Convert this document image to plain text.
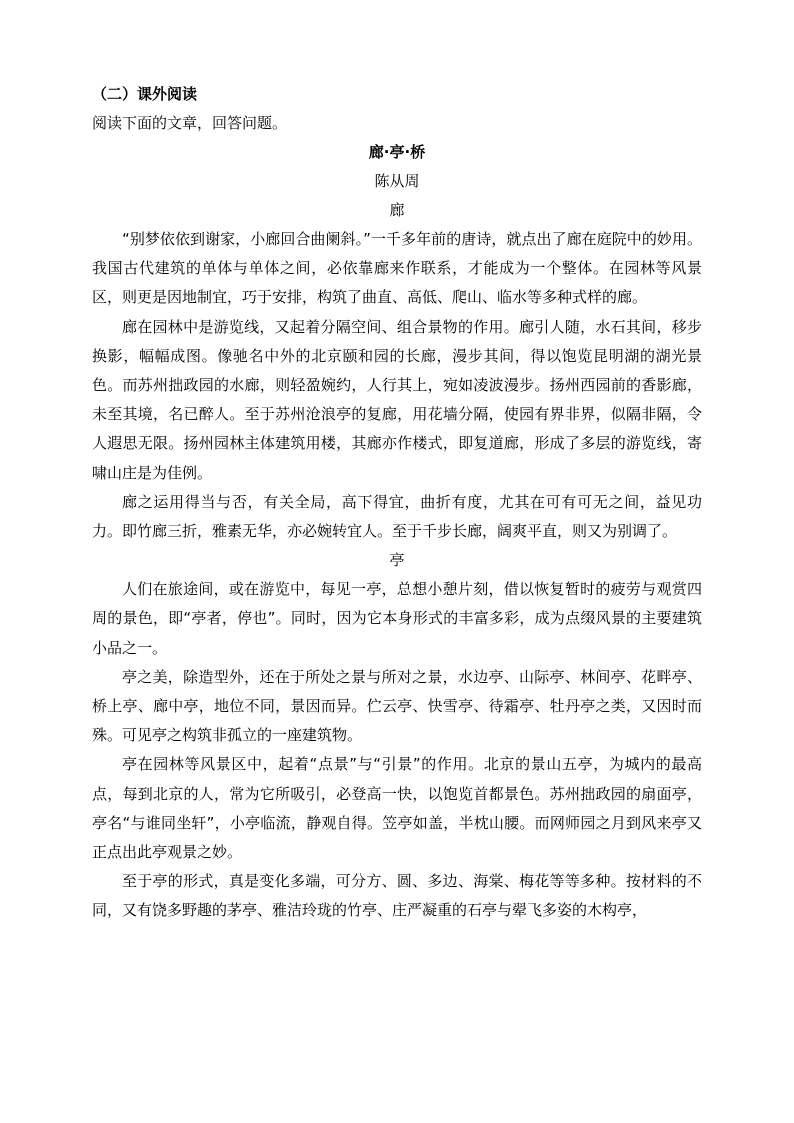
（二）课外阅读
阅读下面的文章，回答问题。
廊·亭·桥
陈从周
廊

“别梦依依到谢家，小廊回合曲阑斜。”一千多年前的唐诗，就点出了廊在庭院中的妙用。我国古代建筑的单体与单体之间，必依靠廊来作联系，才能成为一个整体。在园林等风景区，则更是因地制宜，巧于安排，构筑了曲直、高低、爬山、临水等多种式样的廊。

廊在园林中是游览线，又起着分隔空间、组合景物的作用。廊引人随，水石其间，移步换影，幅幅成图。像驰名中外的北京颐和园的长廊，漫步其间，得以饱览昆明湖的湖光景色。而苏州拙政园的水廊，则轻盈婉约，人行其上，宛如凌波漫步。扬州西园前的香影廊，未至其境，名已醉人。至于苏州沧浪亭的复廊，用花墙分隔，使园有界非界，似隔非隔，令人遐思无限。扬州园林主体建筑用楼，其廊亦作楼式，即复道廊，形成了多层的游览线，寄啸山庄是为佳例。

廊之运用得当与否，有关全局，高下得宜，曲折有度，尤其在可有可无之间，益见功力。即竹廊三折，雅素无华，亦必婉转宜人。至于千步长廊，阔爽平直，则又为别调了。

亭

人们在旅途间，或在游览中，每见一亭，总想小憩片刻，借以恢复暂时的疲劳与观赏四周的景色，即“亭者，停也”。同时，因为它本身形式的丰富多彩，成为点缀风景的主要建筑小品之一。

亭之美，除造型外，还在于所处之景与所对之景，水边亭、山际亭、林间亭、花畔亭、桥上亭、廊中亭，地位不同，景因而异。伫云亭、快雪亭、待霜亭、牡丹亭之类，又因时而殊。可见亭之构筑非孤立的一座建筑物。

亭在园林等风景区中，起着“点景”与“引景”的作用。北京的景山五亭，为城内的最高点，每到北京的人，常为它所吸引，必登高一快，以饱览首都景色。苏州拙政园的扇面亭，亭名“与谁同坐轩”，小亭临流，静观自得。笠亭如盖，半枕山腰。而网师园之月到风来亭又正点出此亭观景之妙。

至于亭的形式，真是变化多端，可分方、圆、多边、海棠、梅花等等多种。按材料的不同，又有饶多野趣的茅亭、雅洁玲珑的竹亭、庄严凝重的石亭与翚飞多姿的木构亭，
